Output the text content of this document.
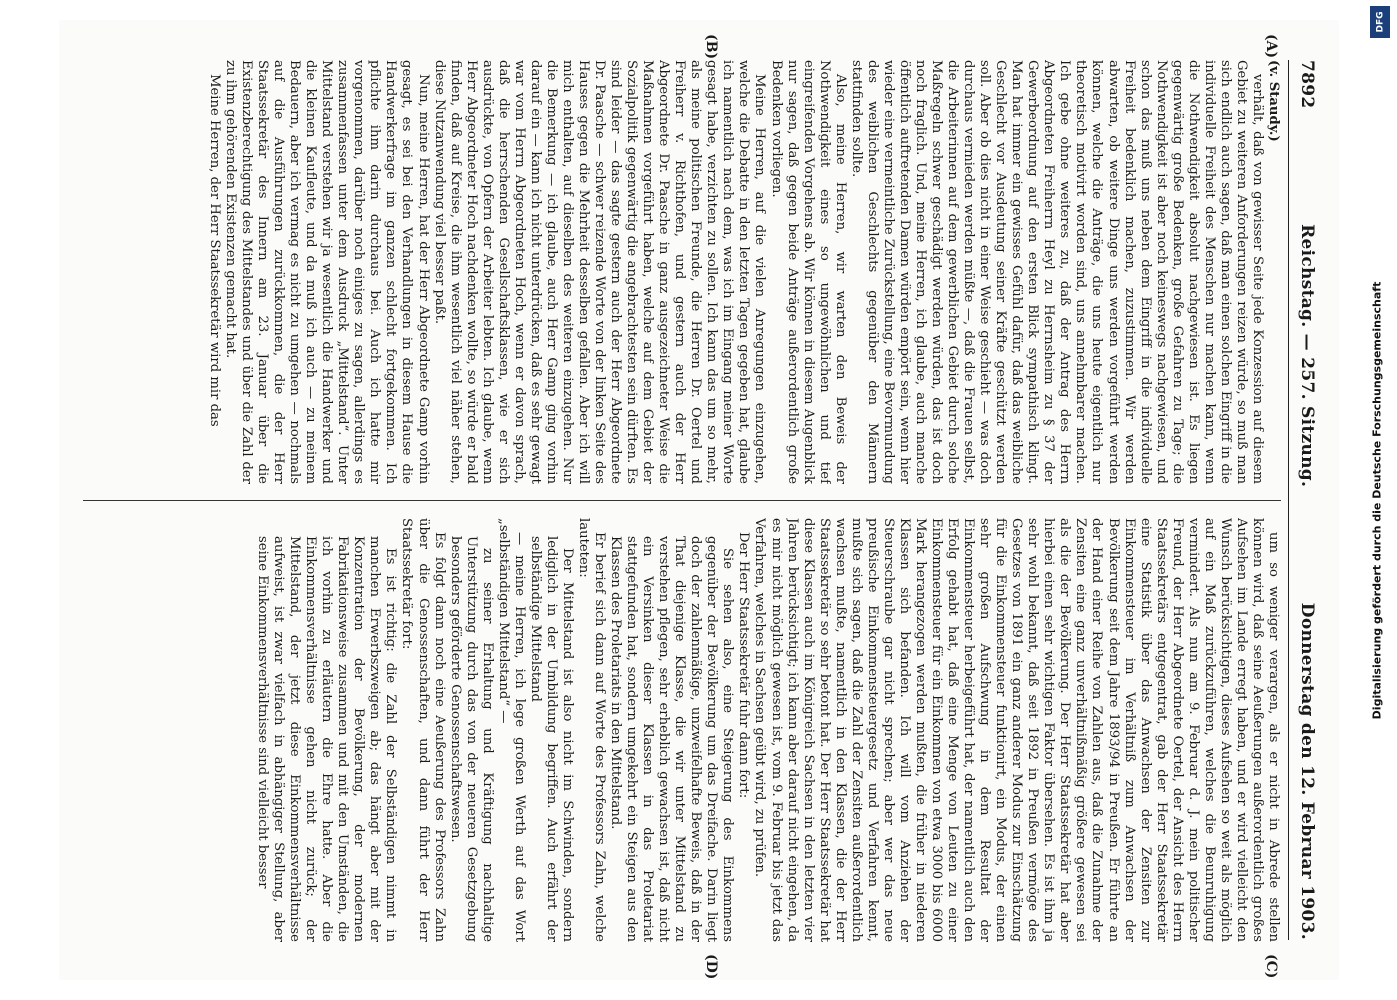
7892
Reichstag. — 257. Sitzung.
Donnerstag den 12. Februar 1903.
(A)
(B)
(C)
(D)

(v. Staudy.)

verhält, daß von gewisser Seite jede Konzession auf diesem Gebiet zu weiteren Anforderungen reizen würde, so muß man sich endlich auch sagen, daß man einen solchen Eingriff in die individuelle Freiheit des Menschen nur machen kann, wenn die Nothwendigkeit absolut nachgewiesen ist. Es liegen gegenwärtig große Bedenken, große Gefahren zu Tage; die Nothwendigkeit ist aber noch keineswegs nachgewiesen, und schon das muß uns neben dem Eingriff in die individuelle Freiheit bedenklich machen, zuzustimmen. Wir werden abwarten, ob weitere Dinge uns werden vorgeführt werden können, welche die Anträge, die uns heute eigentlich nur theoretisch motivirt worden sind, uns annehmbarer machen. Ich gebe ohne weiteres zu, daß der Antrag des Herrn Abgeordneten Freiherrn Heyl zu Herrnsheim zu § 37 der Gewerbeordnung auf den ersten Blick sympathisch klingt. Man hat immer ein gewisses Gefühl dafür, daß das weibliche Geschlecht vor Ausdeutung seiner Kräfte geschützt werden soll. Aber ob dies nicht in einer Weise geschieht — was doch durchaus vermieden werden müßte —, daß die Frauen selbst, die Arbeiterinnen auf dem gewerblichen Gebiet durch solche Maßregeln schwer geschädigt werden würden, das ist doch noch fraglich. Und, meine Herren, ich glaube, auch manche öffentlich auftretenden Damen würden empört sein, wenn hier wieder eine vermeintliche Zurückstellung, eine Bevormundung des weiblichen Geschlechts gegenüber den Männern stattfinden sollte.

Also, meine Herren, wir warten den Beweis der Nothwendigkeit eines so ungewöhnlichen und tief eingreifenden Vorgehens ab. Wir können in diesem Augenblick nur sagen, daß gegen beide Anträge außerordentlich große Bedenken vorliegen.

Meine Herren, auf die vielen Anregungen einzugehen, welche die Debatte in den letzten Tagen gegeben hat, glaube ich namentlich nach dem, was ich im Eingang meiner Worte gesagt habe, verzichten zu sollen. Ich kann das um so mehr, als meine politischen Freunde, die Herren Dr. Oertel und Freiherr v. Richthofen, und gestern auch der Herr Abgeordnete Dr. Paasche in ganz ausgezeichneter Weise die Maßnahmen vorgeführt haben, welche auf dem Gebiet der Sozialpolitik gegenwärtig die angebrachtesten sein dürften. Es sind leider — das sagte gestern auch der Herr Abgeordnete Dr. Paasche — schwer reizende Worte von der linken Seite des Hauses gegen die Mehrheit desselben gefallen. Aber ich will mich enthalten, auf dieselben des weiteren einzugehen. Nur die Bemerkung — ich glaube, auch Herr Gamp ging vorhin darauf ein — kann ich nicht unterdrücken, daß es sehr gewagt war vom Herrn Abgeordneten Hoch, wenn er davon sprach, daß die herrschenden Gesellschaftsklassen, wie er sich ausdrückte, von Opfern der Arbeiter lebten. Ich glaube, wenn Herr Abgeordneter Hoch nachdenken wollte, so würde er bald finden, daß auf Kreise, die ihm wesentlich viel näher stehen, diese Nutzanwendung viel besser paßt.

Nun, meine Herren, hat der Herr Abgeordnete Gamp vorhin gesagt, es sei bei den Verhandlungen in diesem Hause die Handwerkerfrage im ganzen schlecht fortgekommen. Ich pflichte ihm darin durchaus bei. Auch ich hatte mir vorgenommen, darüber noch einiges zu sagen, allerdings es zusammenfassen unter dem Ausdruck „Mittelstand“. Unter Mittelstand verstehen wir ja wesentlich die Handwerker und die kleinen Kaufleute, und da muß ich auch — zu meinem Bedauern, aber ich vermag es nicht zu umgehen — nochmals auf die Ausführungen zurückkommen, die der Herr Staatssekretär des Innern am 23. Januar über die Existenzberechtigung des Mittelstandes und über die Zahl der zu ihm gehörenden Existenzen gemacht hat.

Meine Herren, der Herr Staatssekretär wird mir das

um so weniger verargen, als er nicht in Abrede stellen können wird, daß seine Aeußerungen außerordentlich großes Aufsehen im Lande erregt haben, und er wird vielleicht den Wunsch berücksichtigen, dieses Aufsehen so weit als möglich auf ein Maß zurückzuführen, welches die Beunruhigung vermindert. Als nun am 9. Februar d. J. mein politischer Freund, der Herr Abgeordnete Oertel, der Ansicht des Herrn Staatssekretärs entgegentrat, gab der Herr Staatssekretär eine Statistik über das Anwachsen der Zensiten zur Einkommensteuer im Verhältniß zum Anwachsen der Bevölkerung seit dem Jahre 1893/94 in Preußen. Er führte an der Hand einer Reihe von Zahlen aus, daß die Zunahme der Zensiten eine ganz unverhältnißmäßig größere gewesen sei als die der Bevölkerung. Der Herr Staatssekretär hat aber hierbei einen sehr wichtigen Faktor übersehen. Es ist ihm ja sehr wohl bekannt, daß seit 1892 in Preußen vermöge des Gesetzes von 1891 ein ganz anderer Modus zur Einschätzung für die Einkommensteuer funktionirt, ein Modus, der einen sehr großen Aufschwung in dem Resultat der Einkommensteuer herbeigeführt hat, der namentlich auch den Erfolg gehabt hat, daß eine Menge von Leuten zu einer Einkommensteuer für ein Einkommen von etwa 3000 bis 6000 Mark herangezogen werden mußten, die früher in niederen Klassen sich befanden. Ich will vom Anziehen der Steuerschraube gar nicht sprechen; aber wer das neue preußische Einkommensteuergesetz und Verfahren kennt, mußte sich sagen, daß die Zahl der Zensiten außerordentlich wachsen mußte, namentlich in den Klassen, die der Herr Staatssekretär so sehr betont hat. Der Herr Staatssekretär hat diese Klassen auch im Königreich Sachsen in den letzten vier Jahren berücksichtigt; ich kann aber darauf nicht eingehen, da es mir nicht möglich gewesen ist, vom 9. Februar bis jetzt das Verfahren, welches in Sachsen geübt wird, zu prüfen.

Der Herr Staatssekretär fuhr dann fort:

Sie sehen also, eine Steigerung des Einkommens gegenüber der Bevölkerung um das Dreifache. Darin liegt doch der zahlenmäßige, unzweifelhafte Beweis, daß in der That diejenige Klasse, die wir unter Mittelstand zu verstehen pflegen, sehr erheblich gewachsen ist, daß nicht ein Versinken dieser Klassen in das Proletariat stattgefunden hat, sondern umgekehrt ein Steigen aus den Klassen des Proletariats in den Mittelstand.

Er berief sich dann auf Worte des Professors Zahn, welche lauteten:

Der Mittelstand ist also nicht im Schwinden, sondern lediglich in der Umbildung begriffen. Auch erfährt der selbständige Mittelstand

— meine Herren, ich lege großen Werth auf das Wort „selbständigen Mittelstand“ —

zu seiner Erhaltung und Kräftigung nachhaltige Unterstützung durch das von der neueren Gesetzgebung besonders geförderte Genossenschaftswesen.

Es folgt dann noch eine Aeußerung des Professors Zahn über die Genossenschaften, und dann führt der Herr Staatssekretär fort:

Es ist richtig: die Zahl der Selbständigen nimmt in manchen Erwerbszweigen ab; das hängt aber mit der Konzentration der Bevölkerung, der modernen Fabrikationsweise zusammen und mit den Umständen, die ich vorhin zu erläutern die Ehre hatte. Aber die Einkommensverhältnisse gehen nicht zurück; der Mittelstand, der jetzt diese Einkommensverhältnisse aufweist, ist zwar vielfach in abhängiger Stellung, aber seine Einkommensverhältnisse sind vielleicht besser

DFG
Digitalisierung gefördert durch die Deutsche Forschungsgemeinschaft
